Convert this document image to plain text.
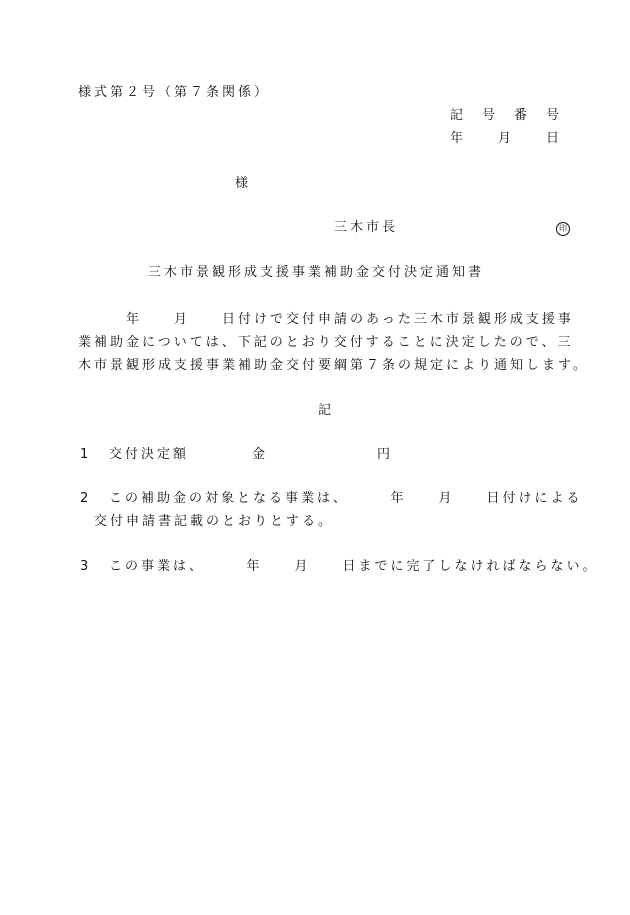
様式第２号（第７条関係）
記　号　番　号
年　　月　　日
様
三木市長	印
三木市景観形成支援事業補助金交付決定通知書
　　　年　　月　　日付けで交付申請のあった三木市景観形成支援事
業補助金については、下記のとおり交付することに決定したので、三
木市景観形成支援事業補助金交付要綱第７条の規定により通知します。
記
1 交付決定額	金	円
2 この補助金の対象となる事業は、　　　年　　月　　日付けによる
交付申請書記載のとおりとする。
3 この事業は、　　　年　　月　　日までに完了しなければならない。
